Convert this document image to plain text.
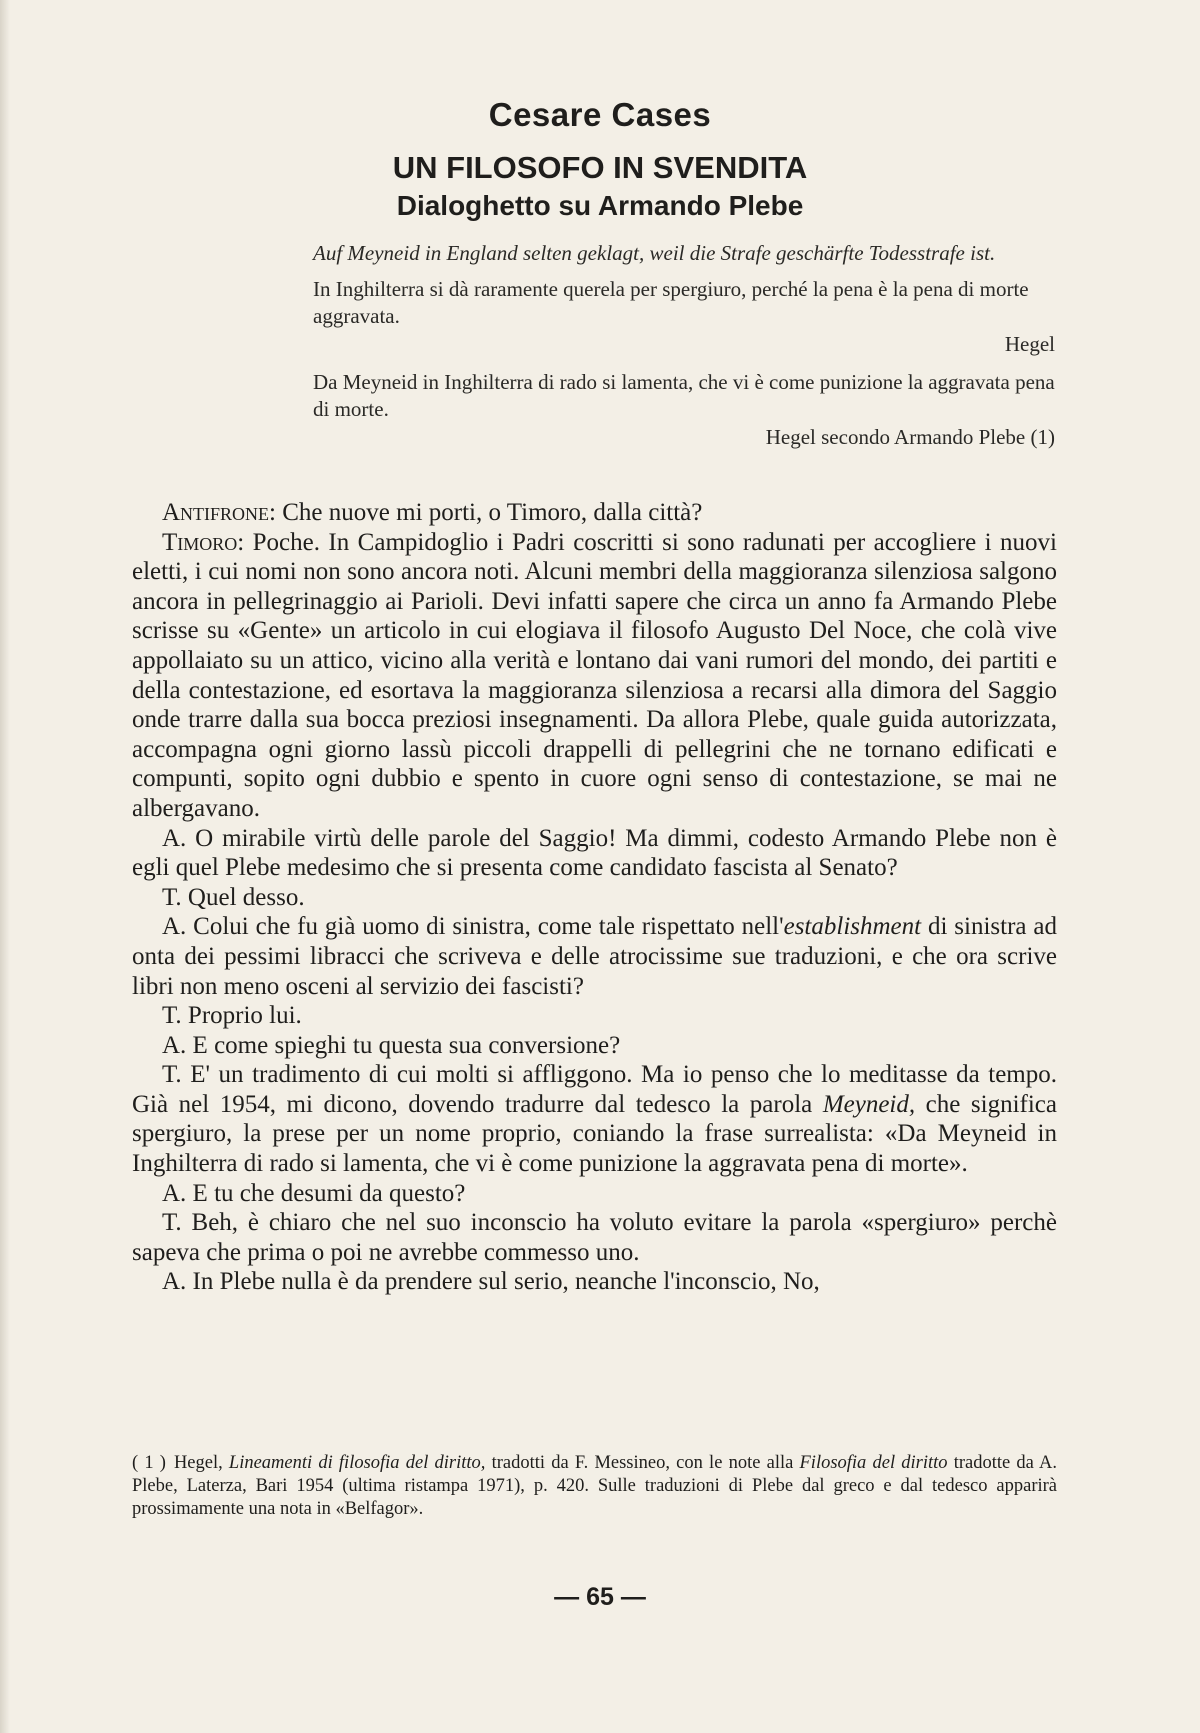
Cesare Cases
UN FILOSOFO IN SVENDITA
Dialoghetto su Armando Plebe

Auf Meyneid in England selten geklagt, weil die Strafe geschärfte Todesstrafe ist.

In Inghilterra si dà raramente querela per spergiuro, perché la pena è la pena di morte aggravata.

Hegel

Da Meyneid in Inghilterra di rado si lamenta, che vi è come punizione la aggravata pena di morte.

Hegel secondo Armando Plebe (1)

Antifrone: Che nuove mi porti, o Timoro, dalla città?

Timoro: Poche. In Campidoglio i Padri coscritti si sono radunati per accogliere i nuovi eletti, i cui nomi non sono ancora noti. Alcuni membri della maggioranza silenziosa salgono ancora in pellegrinaggio ai Parioli. Devi infatti sapere che circa un anno fa Armando Plebe scrisse su «Gente» un articolo in cui elogiava il filosofo Augusto Del Noce, che colà vive appollaiato su un attico, vicino alla verità e lontano dai vani rumori del mondo, dei partiti e della contestazione, ed esortava la maggioranza silenziosa a recarsi alla dimora del Saggio onde trarre dalla sua bocca preziosi insegnamenti. Da allora Plebe, quale guida autorizzata, accompagna ogni giorno lassù piccoli drappelli di pellegrini che ne tornano edificati e compunti, sopito ogni dubbio e spento in cuore ogni senso di contestazione, se mai ne albergavano.

A. O mirabile virtù delle parole del Saggio! Ma dimmi, codesto Armando Plebe non è egli quel Plebe medesimo che si presenta come candidato fascista al Senato?

T. Quel desso.

A. Colui che fu già uomo di sinistra, come tale rispettato nell'establishment di sinistra ad onta dei pessimi libracci che scriveva e delle atrocissime sue traduzioni, e che ora scrive libri non meno osceni al servizio dei fascisti?

T. Proprio lui.

A. E come spieghi tu questa sua conversione?

T. E' un tradimento di cui molti si affliggono. Ma io penso che lo meditasse da tempo. Già nel 1954, mi dicono, dovendo tradurre dal tedesco la parola Meyneid, che significa spergiuro, la prese per un nome proprio, coniando la frase surrealista: «Da Meyneid in Inghilterra di rado si lamenta, che vi è come punizione la aggravata pena di morte».

A. E tu che desumi da questo?

T. Beh, è chiaro che nel suo inconscio ha voluto evitare la parola «spergiuro» perchè sapeva che prima o poi ne avrebbe commesso uno.

A. In Plebe nulla è da prendere sul serio, neanche l'inconscio, No,

( 1 ) Hegel, Lineamenti di filosofia del diritto, tradotti da F. Messineo, con le note alla Filosofia del diritto tradotte da A. Plebe, Laterza, Bari 1954 (ultima ristampa 1971), p. 420. Sulle traduzioni di Plebe dal greco e dal tedesco apparirà prossimamente una nota in «Belfagor».
— 65 —
